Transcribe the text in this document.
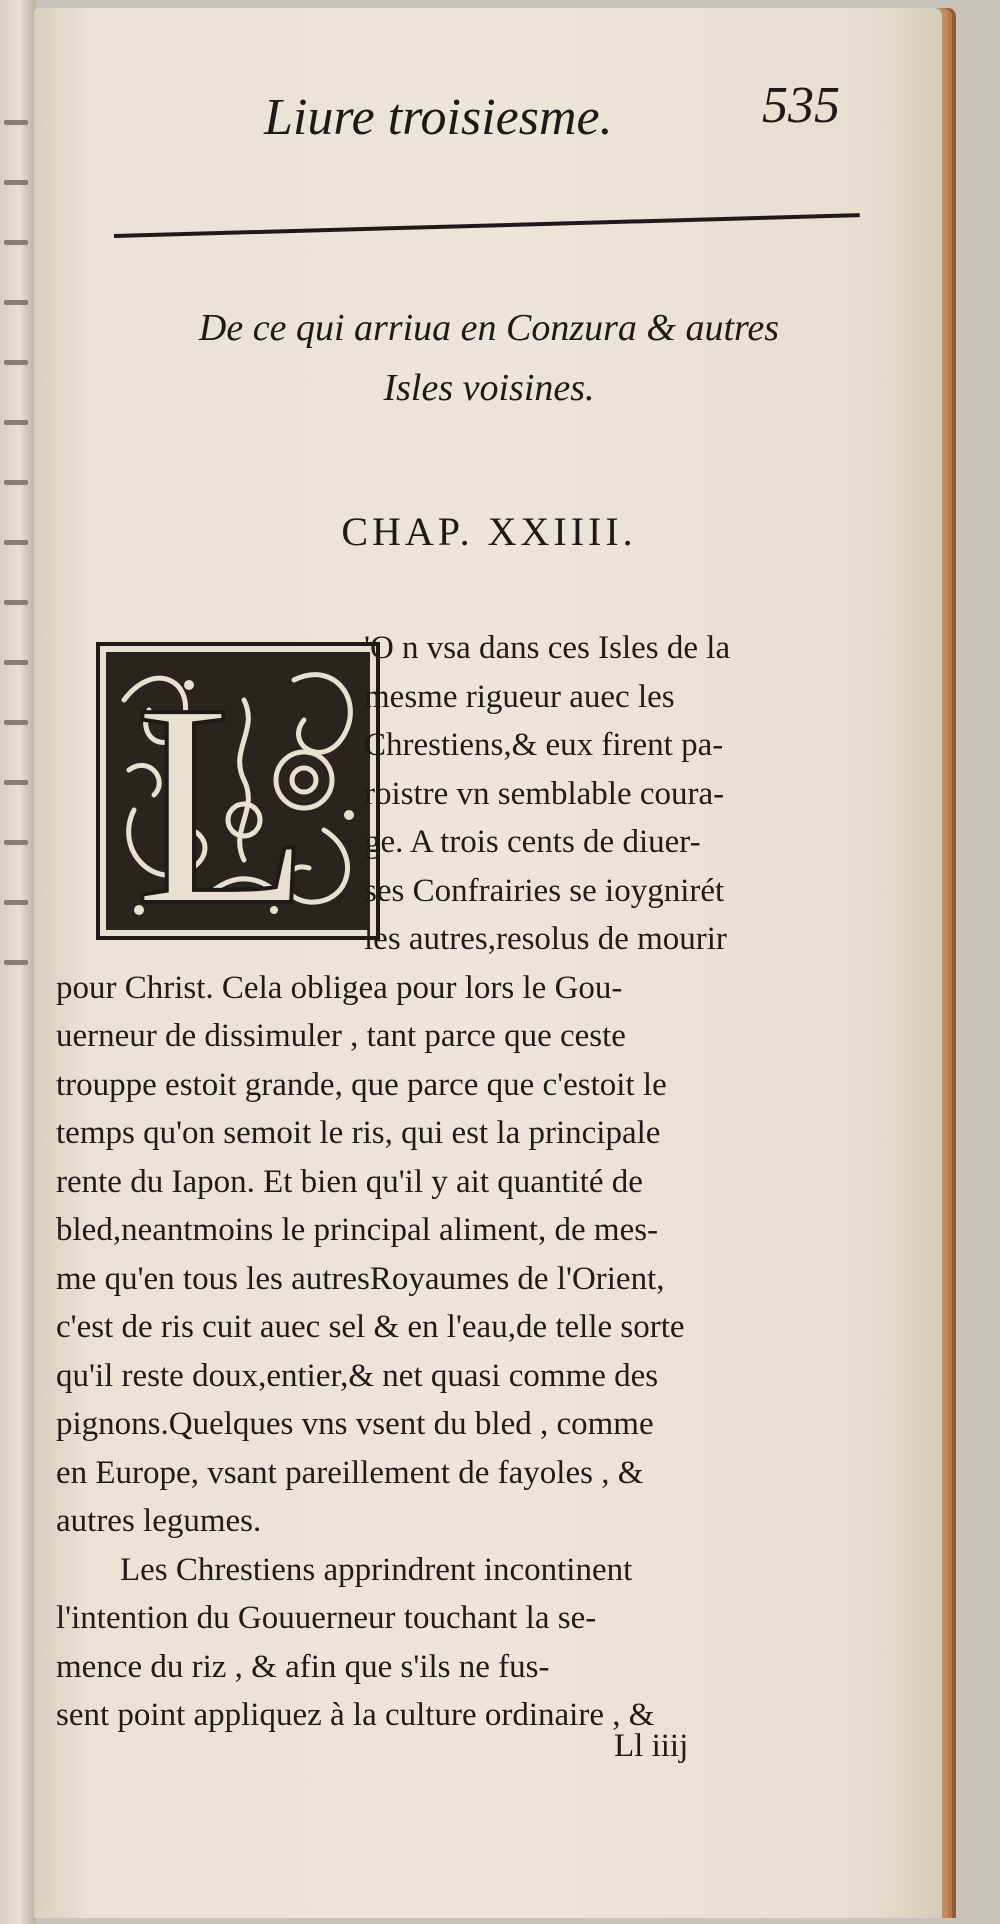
Liure troisiesme.	535
De ce qui arriua en Conzura & autres
Isles voisines.
CHAP. XXIIII.
L 'O n vsa dans ces Isles de la
mesme rigueur auec les
Chrestiens,& eux firent pa-
roistre vn semblable coura-
ge. A trois cents de diuer-
ses Confrairies se ioygnirét
les autres,resolus de mourir
pour Christ. Cela obligea pour lors le Gou-
uerneur de dissimuler , tant parce que ceste
trouppe estoit grande, que parce que c'estoit le
temps qu'on semoit le ris, qui est la principale
rente du Iapon. Et bien qu'il y ait quantité de
bled,neantmoins le principal aliment, de mes-
me qu'en tous les autresRoyaumes de l'Orient,
c'est de ris cuit auec sel & en l'eau,de telle sorte
qu'il reste doux,entier,& net quasi comme des
pignons.Quelques vns vsent du bled , comme
en Europe, vsant pareillement de fayoles , &
autres legumes.
Les Chrestiens apprindrent incontinent
l'intention du Gouuerneur touchant la se-
mence du riz , & afin que s'ils ne fus-
sent point appliquez à la culture ordinaire , &
Ll iiij
